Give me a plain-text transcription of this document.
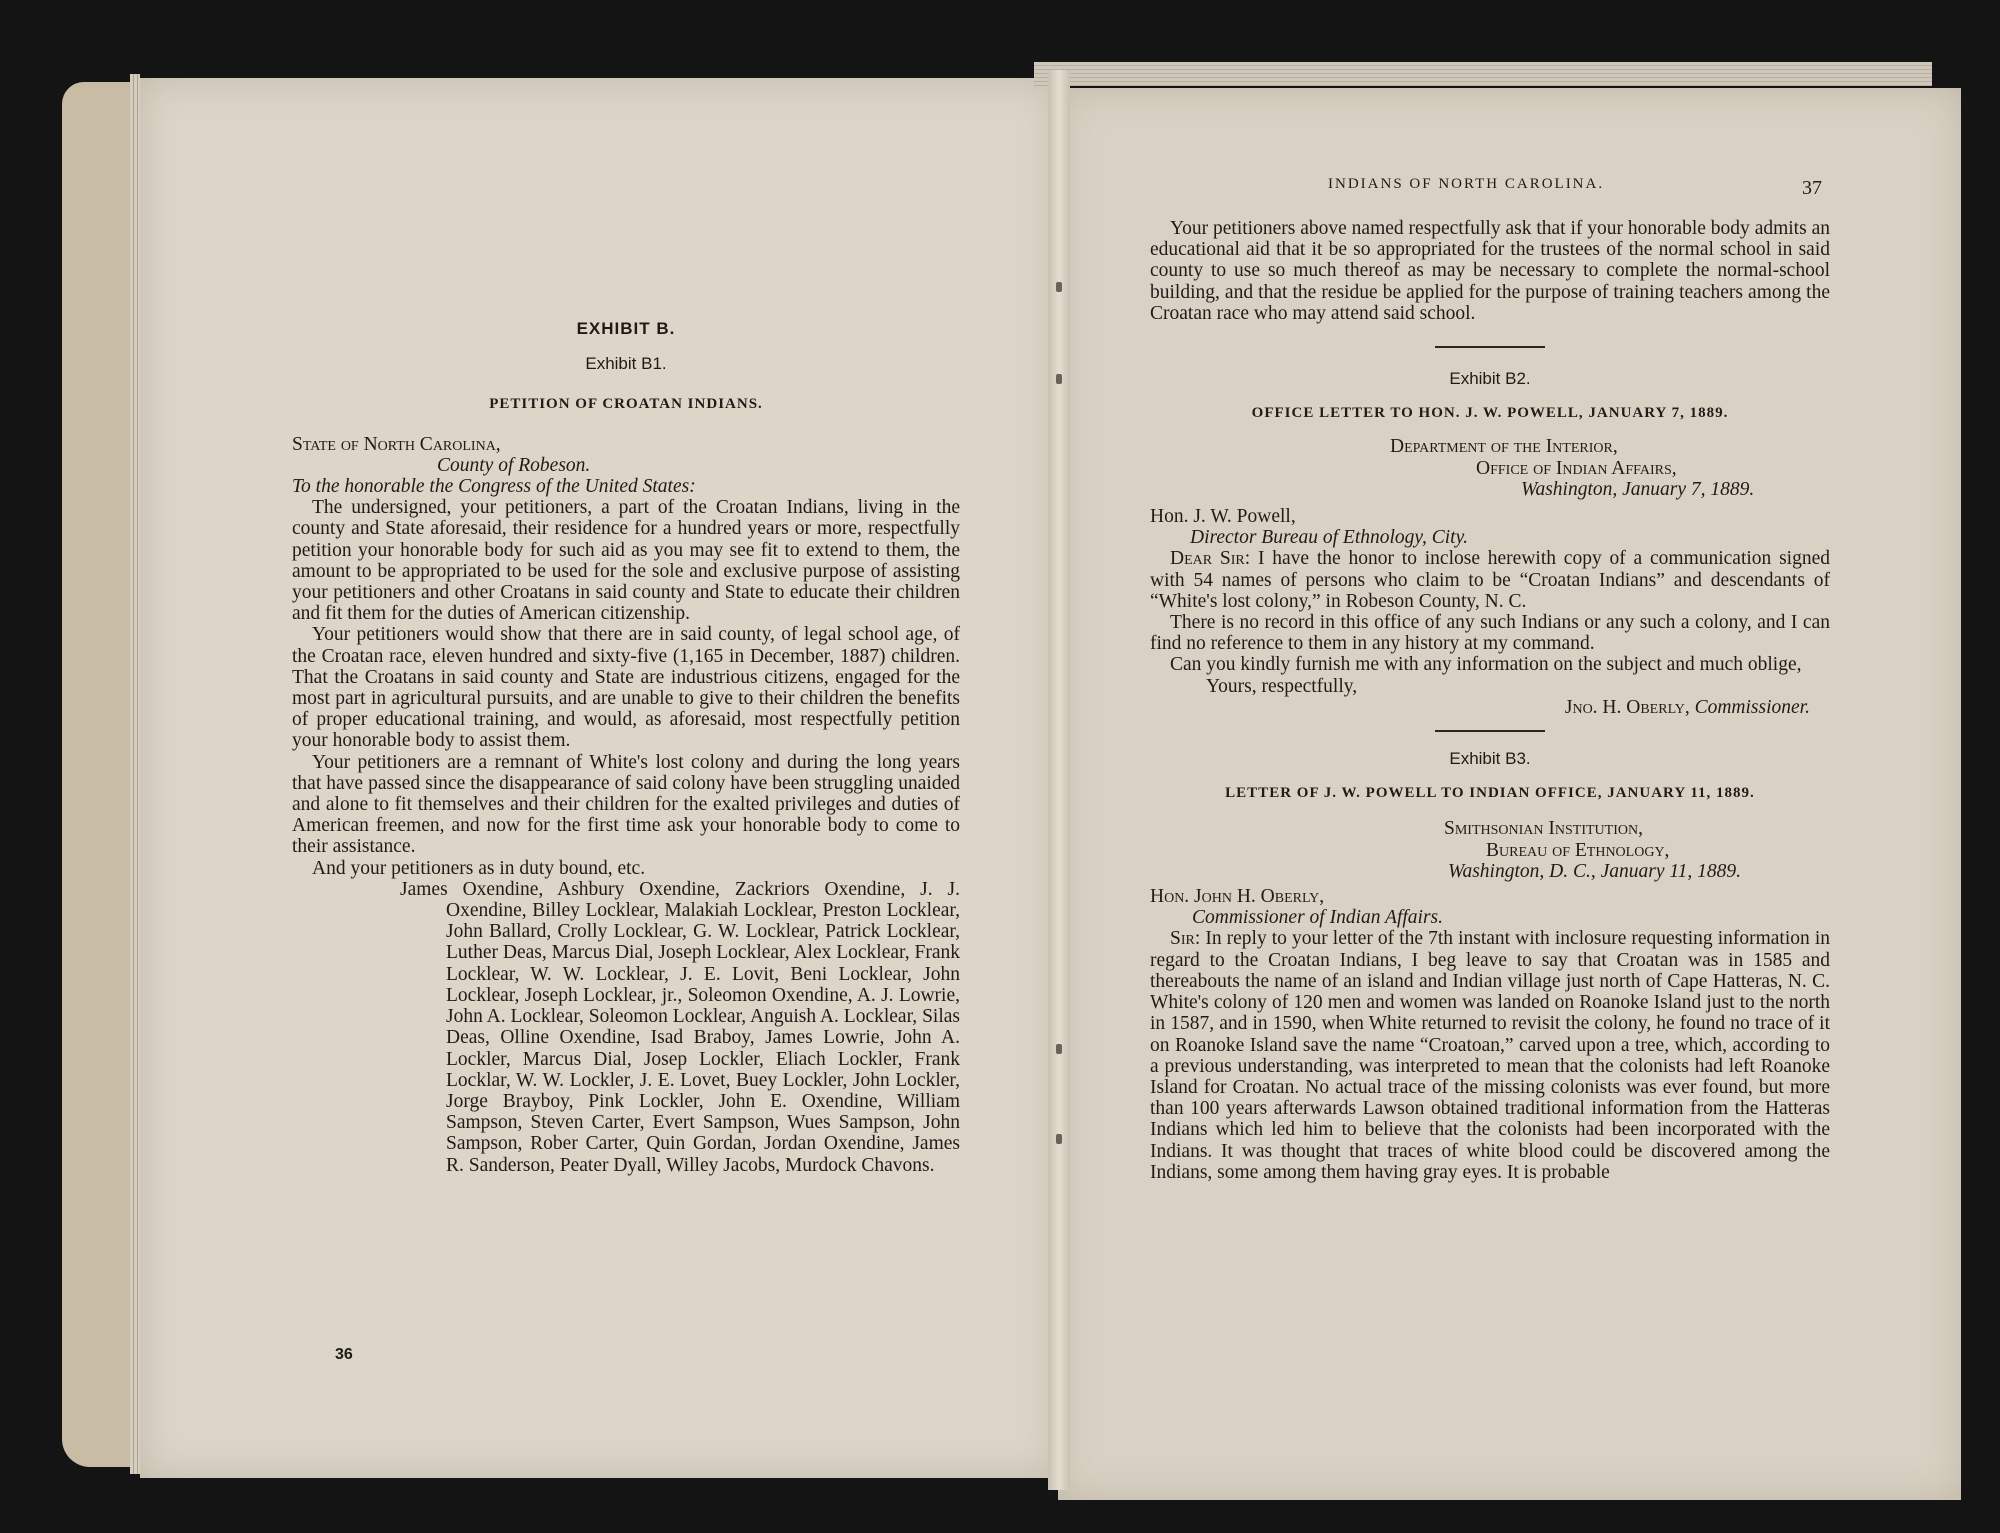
EXHIBIT B.
Exhibit B1.
PETITION OF CROATAN INDIANS.
State of North Carolina,
County of Robeson.
To the honorable the Congress of the United States:
The undersigned, your petitioners, a part of the Croatan Indians, living in the county and State aforesaid, their residence for a hundred years or more, respectfully petition your honorable body for such aid as you may see fit to extend to them, the amount to be appropriated to be used for the sole and exclusive purpose of assisting your petitioners and other Croatans in said county and State to educate their children and fit them for the duties of American citizenship.
Your petitioners would show that there are in said county, of legal school age, of the Croatan race, eleven hundred and sixty-five (1,165 in December, 1887) children. That the Croatans in said county and State are industrious citizens, engaged for the most part in agricultural pursuits, and are unable to give to their children the benefits of proper educational training, and would, as aforesaid, most respectfully petition your honorable body to assist them.
Your petitioners are a remnant of White's lost colony and during the long years that have passed since the disappearance of said colony have been struggling unaided and alone to fit themselves and their children for the exalted privileges and duties of American freemen, and now for the first time ask your honorable body to come to their assistance.
And your petitioners as in duty bound, etc.
James Oxendine, Ashbury Oxendine, Zackriors Oxendine, J. J. Oxendine, Billey Locklear, Malakiah Locklear, Preston Locklear, John Ballard, Crolly Locklear, G. W. Locklear, Patrick Locklear, Luther Deas, Marcus Dial, Joseph Locklear, Alex Locklear, Frank Locklear, W. W. Locklear, J. E. Lovit, Beni Locklear, John Locklear, Joseph Locklear, jr., Soleomon Oxendine, A. J. Lowrie, John A. Locklear, Soleomon Locklear, Anguish A. Locklear, Silas Deas, Olline Oxendine, Isad Braboy, James Lowrie, John A. Lockler, Marcus Dial, Josep Lockler, Eliach Lockler, Frank Locklar, W. W. Lockler, J. E. Lovet, Buey Lockler, John Lockler, Jorge Brayboy, Pink Lockler, John E. Oxendine, William Sampson, Steven Carter, Evert Sampson, Wues Sampson, John Sampson, Rober Carter, Quin Gordan, Jordan Oxendine, James R. Sanderson, Peater Dyall, Willey Jacobs, Murdock Chavons.
36
INDIANS OF NORTH CAROLINA.	37
Your petitioners above named respectfully ask that if your honorable body admits an educational aid that it be so appropriated for the trustees of the normal school in said county to use so much thereof as may be necessary to complete the normal-school building, and that the residue be applied for the purpose of training teachers among the Croatan race who may attend said school.
Exhibit B2.
OFFICE LETTER TO HON. J. W. POWELL, JANUARY 7, 1889.
Department of the Interior,
Office of Indian Affairs,
Washington, January 7, 1889.
Hon. J. W. Powell,
Director Bureau of Ethnology, City.
Dear Sir: I have the honor to inclose herewith copy of a communication signed with 54 names of persons who claim to be “Croatan Indians” and descendants of “White's lost colony,” in Robeson County, N. C.
There is no record in this office of any such Indians or any such a colony, and I can find no reference to them in any history at my command.
Can you kindly furnish me with any information on the subject and much oblige,
Yours, respectfully,
Jno. H. Oberly, Commissioner.
Exhibit B3.
LETTER OF J. W. POWELL TO INDIAN OFFICE, JANUARY 11, 1889.
Smithsonian Institution,
Bureau of Ethnology,
Washington, D. C., January 11, 1889.
Hon. John H. Oberly,
Commissioner of Indian Affairs.
Sir: In reply to your letter of the 7th instant with inclosure requesting information in regard to the Croatan Indians, I beg leave to say that Croatan was in 1585 and thereabouts the name of an island and Indian village just north of Cape Hatteras, N. C. White's colony of 120 men and women was landed on Roanoke Island just to the north in 1587, and in 1590, when White returned to revisit the colony, he found no trace of it on Roanoke Island save the name “Croatoan,” carved upon a tree, which, according to a previous understanding, was interpreted to mean that the colonists had left Roanoke Island for Croatan. No actual trace of the missing colonists was ever found, but more than 100 years afterwards Lawson obtained traditional information from the Hatteras Indians which led him to believe that the colonists had been incorporated with the Indians. It was thought that traces of white blood could be discovered among the Indians, some among them having gray eyes. It is probable
